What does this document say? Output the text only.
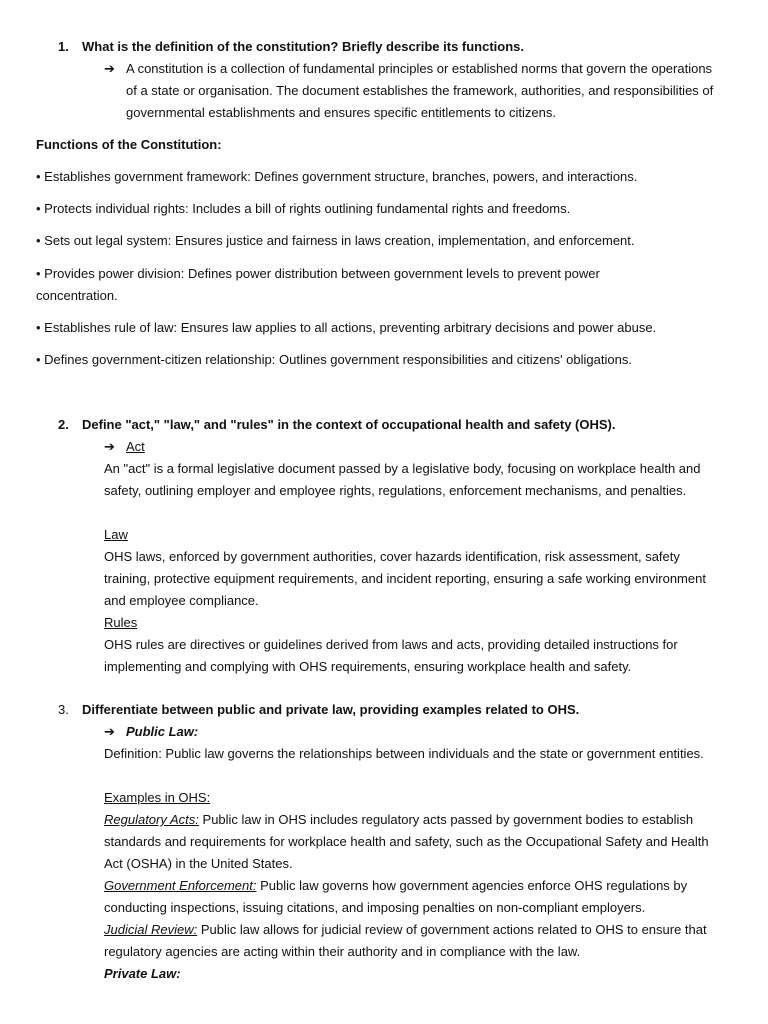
1. What is the definition of the constitution? Briefly describe its functions.
➔ A constitution is a collection of fundamental principles or established norms that govern the operations of a state or organisation. The document establishes the framework, authorities, and responsibilities of governmental establishments and ensures specific entitlements to citizens.
Functions of the Constitution:
• Establishes government framework: Defines government structure, branches, powers, and interactions.
• Protects individual rights: Includes a bill of rights outlining fundamental rights and freedoms.
• Sets out legal system: Ensures justice and fairness in laws creation, implementation, and enforcement.
• Provides power division: Defines power distribution between government levels to prevent power concentration.
• Establishes rule of law: Ensures law applies to all actions, preventing arbitrary decisions and power abuse.
• Defines government-citizen relationship: Outlines government responsibilities and citizens' obligations.
2. Define "act," "law," and "rules" in the context of occupational health and safety (OHS).
➔ Act
An "act" is a formal legislative document passed by a legislative body, focusing on workplace health and safety, outlining employer and employee rights, regulations, enforcement mechanisms, and penalties.
Law
OHS laws, enforced by government authorities, cover hazards identification, risk assessment, safety training, protective equipment requirements, and incident reporting, ensuring a safe working environment and employee compliance.
Rules
OHS rules are directives or guidelines derived from laws and acts, providing detailed instructions for implementing and complying with OHS requirements, ensuring workplace health and safety.
3. Differentiate between public and private law, providing examples related to OHS.
➔ Public Law:
Definition: Public law governs the relationships between individuals and the state or government entities.
Examples in OHS:
Regulatory Acts: Public law in OHS includes regulatory acts passed by government bodies to establish standards and requirements for workplace health and safety, such as the Occupational Safety and Health Act (OSHA) in the United States.
Government Enforcement: Public law governs how government agencies enforce OHS regulations by conducting inspections, issuing citations, and imposing penalties on non-compliant employers.
Judicial Review: Public law allows for judicial review of government actions related to OHS to ensure that regulatory agencies are acting within their authority and in compliance with the law.
Private Law:
